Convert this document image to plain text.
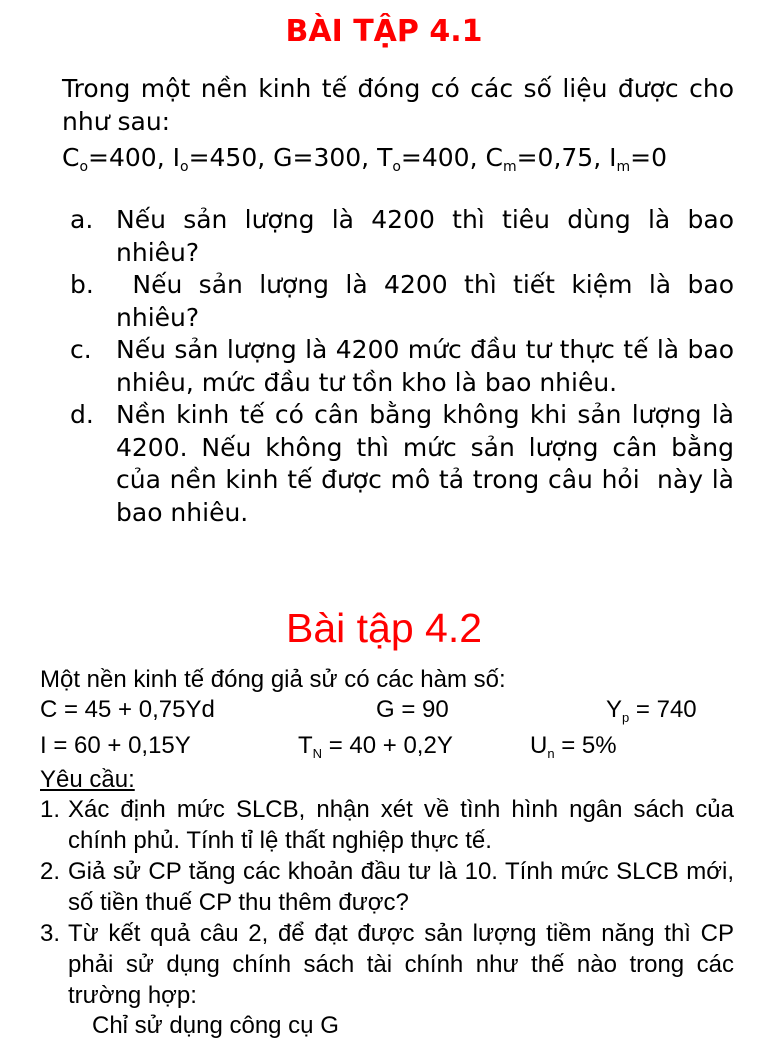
BÀI TẬP 4.1
Trong một nền kinh tế đóng có các số liệu được cho như sau:
$C_o=400$, $I_o=450$, G=300, $T_o=400$, $C_m=0,75$, $I_m=0$
a. Nếu sản lượng là 4200 thì tiêu dùng là bao nhiêu?
b. Nếu sản lượng là 4200 thì tiết kiệm là bao nhiêu?
c. Nếu sản lượng là 4200 mức đầu tư thực tế là bao nhiêu, mức đầu tư tồn kho là bao nhiêu.
d. Nền kinh tế có cân bằng không khi sản lượng là 4200. Nếu không thì mức sản lượng cân bằng của nền kinh tế được mô tả trong câu hỏi  này là bao nhiêu.
Bài tập 4.2
Một nền kinh tế đóng giả sử có các hàm số:
C = 45 + 0,75Yd	G = 90	$Y_p = 740$
I = 60 + 0,15Y	$T_N = 40 + 0,2Y$	$U_n = 5\%$
Yêu cầu:
1. Xác định mức SLCB, nhận xét về tình hình ngân sách của chính phủ. Tính tỉ lệ thất nghiệp thực tế.
2. Giả sử CP tăng các khoản đầu tư là 10. Tính mức SLCB mới, số tiền thuế CP thu thêm được?
3. Từ kết quả câu 2, để đạt được sản lượng tiềm năng thì CP phải sử dụng chính sách tài chính như thế nào trong các trường hợp:
Chỉ sử dụng công cụ G
